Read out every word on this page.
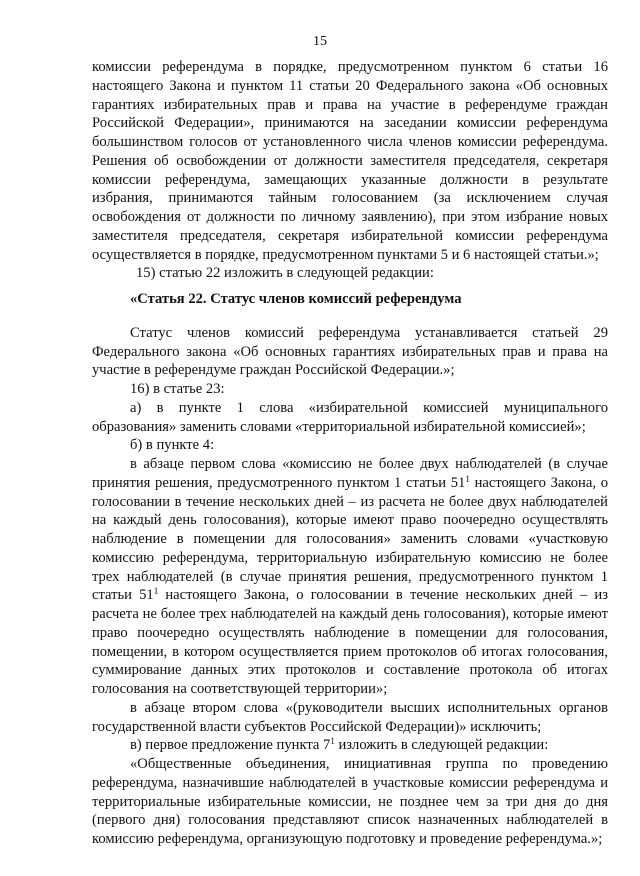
15

комиссии референдума в порядке, предусмотренном пунктом 6 статьи 16 настоящего Закона и пунктом 11 статьи 20 Федерального закона «Об основных гарантиях избирательных прав и права на участие в референдуме граждан Российской Федерации», принимаются на заседании комиссии референдума большинством голосов от установленного числа членов комиссии референдума. Решения об освобождении от должности заместителя председателя, секретаря комиссии референдума, замещающих указанные должности в результате избрания, принимаются тайным голосованием (за исключением случая освобождения от должности по личному заявлению), при этом избрание новых заместителя председателя, секретаря избирательной комиссии референдума осуществляется в порядке, предусмотренном пунктами 5 и 6 настоящей статьи.»;

15) статью 22 изложить в следующей редакции:

«Статья 22. Статус членов комиссий референдума

Статус членов комиссий референдума устанавливается статьей 29 Федерального закона «Об основных гарантиях избирательных прав и права на участие в референдуме граждан Российской Федерации.»;

16) в статье 23:

а) в пункте 1 слова «избирательной комиссией муниципального образования» заменить словами «территориальной избирательной комиссией»;

б) в пункте 4:

в абзаце первом слова «комиссию не более двух наблюдателей (в случае принятия решения, предусмотренного пунктом 1 статьи $51^1$ настоящего Закона, о голосовании в течение нескольких дней – из расчета не более двух наблюдателей на каждый день голосования), которые имеют право поочередно осуществлять наблюдение в помещении для голосования» заменить словами «участковую комиссию референдума, территориальную избирательную комиссию не более трех наблюдателей (в случае принятия решения, предусмотренного пунктом 1 статьи $51^1$ настоящего Закона, о голосовании в течение нескольких дней – из расчета не более трех наблюдателей на каждый день голосования), которые имеют право поочередно осуществлять наблюдение в помещении для голосования, помещении, в котором осуществляется прием протоколов об итогах голосования, суммирование данных этих протоколов и составление протокола об итогах голосования на соответствующей территории»;

в абзаце втором слова «(руководители высших исполнительных органов государственной власти субъектов Российской Федерации)» исключить;

в) первое предложение пункта $7^1$ изложить в следующей редакции:

«Общественные объединения, инициативная группа по проведению референдума, назначившие наблюдателей в участковые комиссии референдума и территориальные избирательные комиссии, не позднее чем за три дня до дня (первого дня) голосования представляют список назначенных наблюдателей в комиссию референдума, организующую подготовку и проведение референдума.»;
